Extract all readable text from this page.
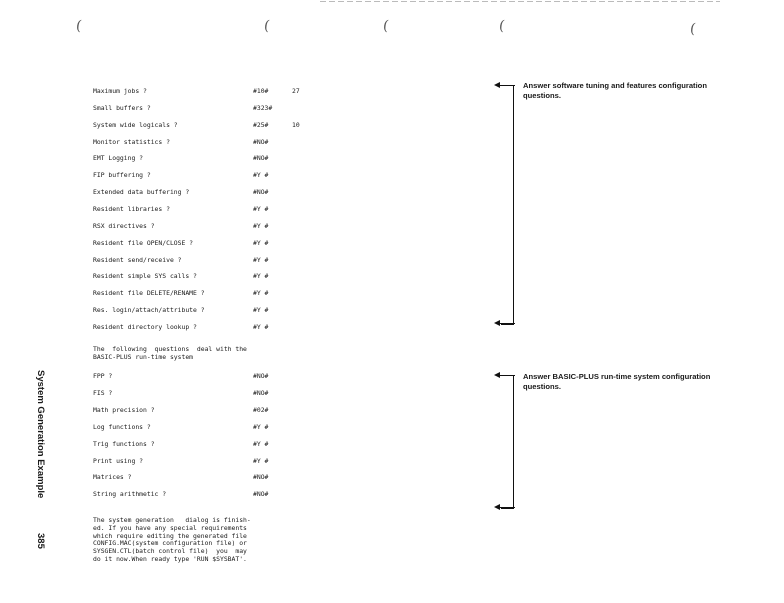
(	(	(	(	(
Maximum jobs ?	#10#	27
Small buffers ?	#323#
System wide logicals ?	#25#	10
Monitor statistics ?	#NO#
EMT Logging ?	#NO#
FIP buffering ?	#Y #
Extended data buffering ?	#NO#
Resident libraries ?	#Y #
RSX directives ?	#Y #
Resident file OPEN/CLOSE ?	#Y #
Resident send/receive ?	#Y #
Resident simple SYS calls ?	#Y #
Resident file DELETE/RENAME ?	#Y #
Res. login/attach/attribute ?	#Y #
Resident directory lookup ?	#Y #
The  following  questions  deal with the
BASIC-PLUS run-time system
FPP ?	#NO#
FIS ?	#NO#
Math precision ?	#02#
Log functions ?	#Y #
Trig functions ?	#Y #
Print using ?	#Y #
Matrices ?	#NO#
String arithmetic ?	#NO#
The system generation   dialog is finish-
ed. If you have any special requirements
which require editing the generated file
CONFIG.MAC(system configuration file) or
SYSGEN.CTL(batch control file)  you  may
do it now.When ready type 'RUN $SYSBAT'.
Answer software tuning and features configuration questions.
Answer BASIC-PLUS run-time system configuration questions.
System Generation Example
385
